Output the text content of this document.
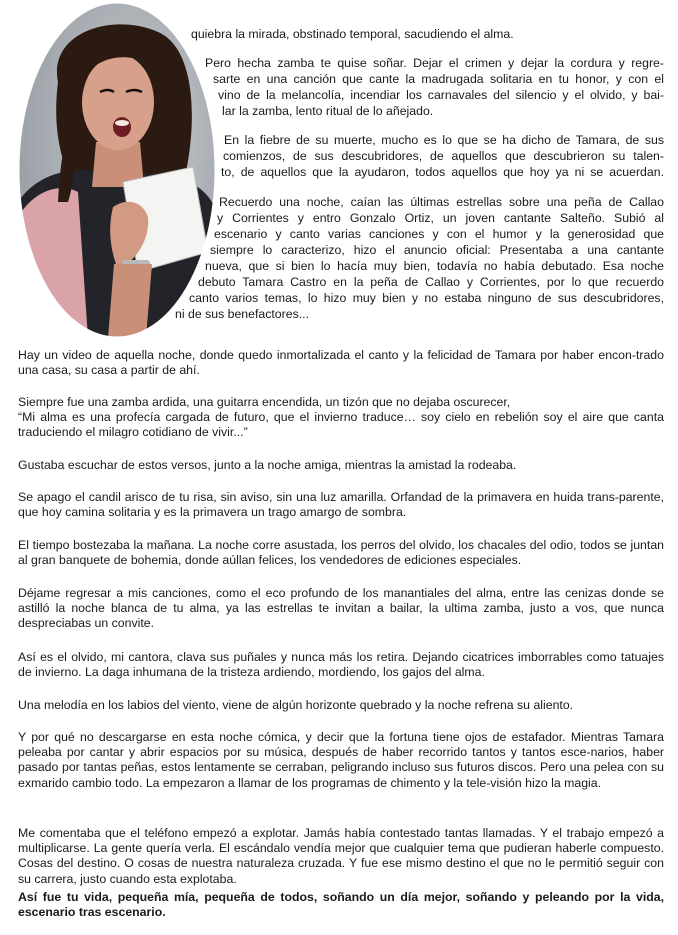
quiebra la mirada, obstinado temporal, sacudiendo el alma.
Pero hecha zamba te quise soñar. Dejar el crimen y dejar la cordura y regre-
sarte en una canción que cante la madrugada solitaria en tu honor, y con el
vino de la melancolía, incendiar los carnavales del silencio y el olvido, y bai-
lar la zamba, lento ritual de lo añejado.
En la fiebre de su muerte, mucho es lo que se ha dicho de Tamara, de sus
comienzos, de sus descubridores, de aquellos que descubrieron su talen-
to, de aquellos que la ayudaron, todos aquellos que hoy ya ni se acuerdan.
Recuerdo una noche, caían las últimas estrellas sobre una peña de Callao
y Corrientes y entro Gonzalo Ortiz, un joven cantante Salteño. Subió al
escenario y canto varias canciones y con el humor y la generosidad que
siempre lo caracterizo, hizo el anuncio oficial: Presentaba a una cantante
nueva, que si bien lo hacía muy bien, todavía no había debutado. Esa noche
debuto Tamara Castro en la peña de Callao y Corrientes, por lo que recuerdo
canto varios temas, lo hizo muy bien y no estaba ninguno de sus descubridores,
ni de sus benefactores...
Hay un video de aquella noche, donde quedo inmortalizada el canto y la felicidad de Tamara por haber encon-trado una casa, su casa a partir de ahí.
Siempre fue una zamba ardida, una guitarra encendida, un tizón que no dejaba oscurecer,
“Mi alma es una profecía cargada de futuro, que el invierno traduce… soy cielo en rebelión soy el aire que canta traduciendo el milagro cotidiano de vivir...”
Gustaba escuchar de estos versos, junto a la noche amiga, mientras la amistad la rodeaba.
Se apago el candil arisco de tu risa, sin aviso, sin una luz amarilla. Orfandad de la primavera en huida trans-parente, que hoy camina solitaria y es la primavera un trago amargo de sombra.
El tiempo bostezaba la mañana. La noche corre asustada, los perros del olvido, los chacales del odio, todos se juntan al gran banquete de bohemia, donde aúllan felices, los vendedores de ediciones especiales.
Déjame regresar a mis canciones, como el eco profundo de los manantiales del alma, entre las cenizas donde se astilló la noche blanca de tu alma, ya las estrellas te invitan a bailar, la ultima zamba, justo a vos, que nunca despreciabas un convite.
Así es el olvido, mi cantora, clava sus puñales y nunca más los retira. Dejando cicatrices imborrables como tatuajes de invierno. La daga inhumana de la tristeza ardiendo, mordiendo, los gajos del alma.
Una melodía en los labios del viento, viene de algún horizonte quebrado y la noche refrena su aliento.
Y por qué no descargarse en esta noche cómica, y decir que la fortuna tiene ojos de estafador. Mientras Tamara peleaba por cantar y abrir espacios por su música, después de haber recorrido tantos y tantos esce-narios, haber pasado por tantas peñas, estos lentamente se cerraban, peligrando incluso sus futuros discos. Pero una pelea con su exmarido cambio todo. La empezaron a llamar de los programas de chimento y la tele-visión hizo la magia.
Me comentaba que el teléfono empezó a explotar. Jamás había contestado tantas llamadas. Y el trabajo empezó a multiplicarse. La gente quería verla. El escándalo vendía mejor que cualquier tema que pudieran haberle compuesto. Cosas del destino. O cosas de nuestra naturaleza cruzada. Y fue ese mismo destino el que no le permitió seguir con su carrera, justo cuando esta explotaba.
Así fue tu vida, pequeña mía, pequeña de todos, soñando un día mejor, soñando y peleando por la vida, escenario tras escenario.
